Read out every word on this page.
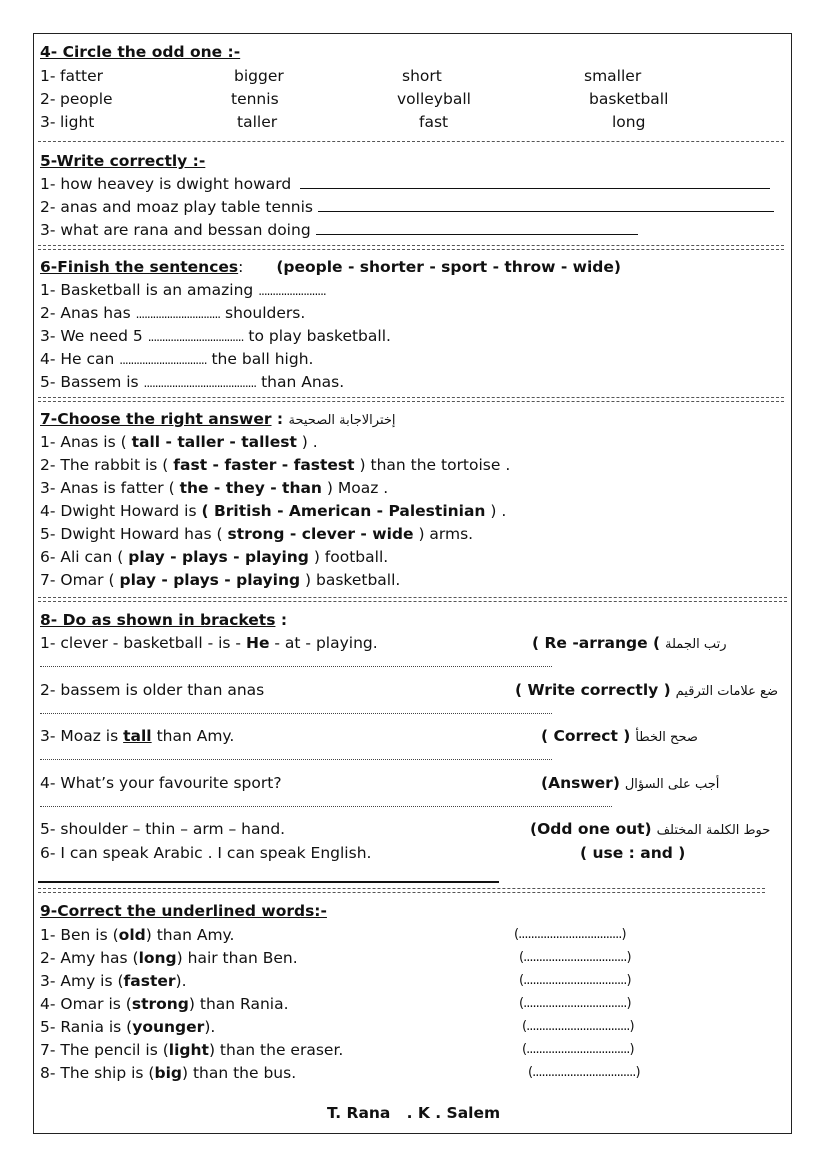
4- Circle the odd one :-
1- fatter	bigger	short	smaller
2- people	tennis	volleyball	basketball
3- light	taller	fast	long
5-Write correctly :-
1- how heavey is dwight howard
2- anas and moaz play table tennis
3- what are rana and bessan doing
6-Finish the sentences: (people - shorter - sport - throw - wide)
1- Basketball is an amazing ........................
2- Anas has .............................. shoulders.
3- We need 5 .................................. to play basketball.
4- He can ............................... the ball high.
5- Bassem is ........................................ than Anas.
7-Choose the right answer : إخترالاجابة الصحيحة
1- Anas is ( tall - taller - tallest ) .
2- The rabbit is ( fast - faster - fastest ) than the tortoise .
3- Anas is fatter ( the - they - than ) Moaz .
4- Dwight Howard is ( British - American - Palestinian ) .
5- Dwight Howard has ( strong - clever - wide ) arms.
6- Ali can ( play - plays - playing ) football.
7- Omar ( play - plays - playing ) basketball.
8- Do as shown in brackets :
1- clever - basketball - is - He - at - playing.	( Re -arrange ( رتب الجملة
2- bassem is older than anas	( Write correctly ) ضع علامات الترقيم
3- Moaz is tall than Amy.	( Correct ) صحح الخطأ
4- What’s your favourite sport?	(Answer) أجب على السؤال
5- shoulder – thin – arm – hand.	(Odd one out) حوط الكلمة المختلف
6- I can speak Arabic . I can speak English.	( use : and )
9-Correct the underlined words:-
1- Ben is (old) than Amy.	(.................................)
2- Amy has (long) hair than Ben.	(.................................)
3- Amy is (faster).	(.................................)
4- Omar is (strong) than Rania.	(.................................)
5- Rania is (younger).	(.................................)
7- The pencil is (light) than the eraser.	(.................................)
8- The ship is (big) than the bus.	(.................................)
T. Rana   . K . Salem
